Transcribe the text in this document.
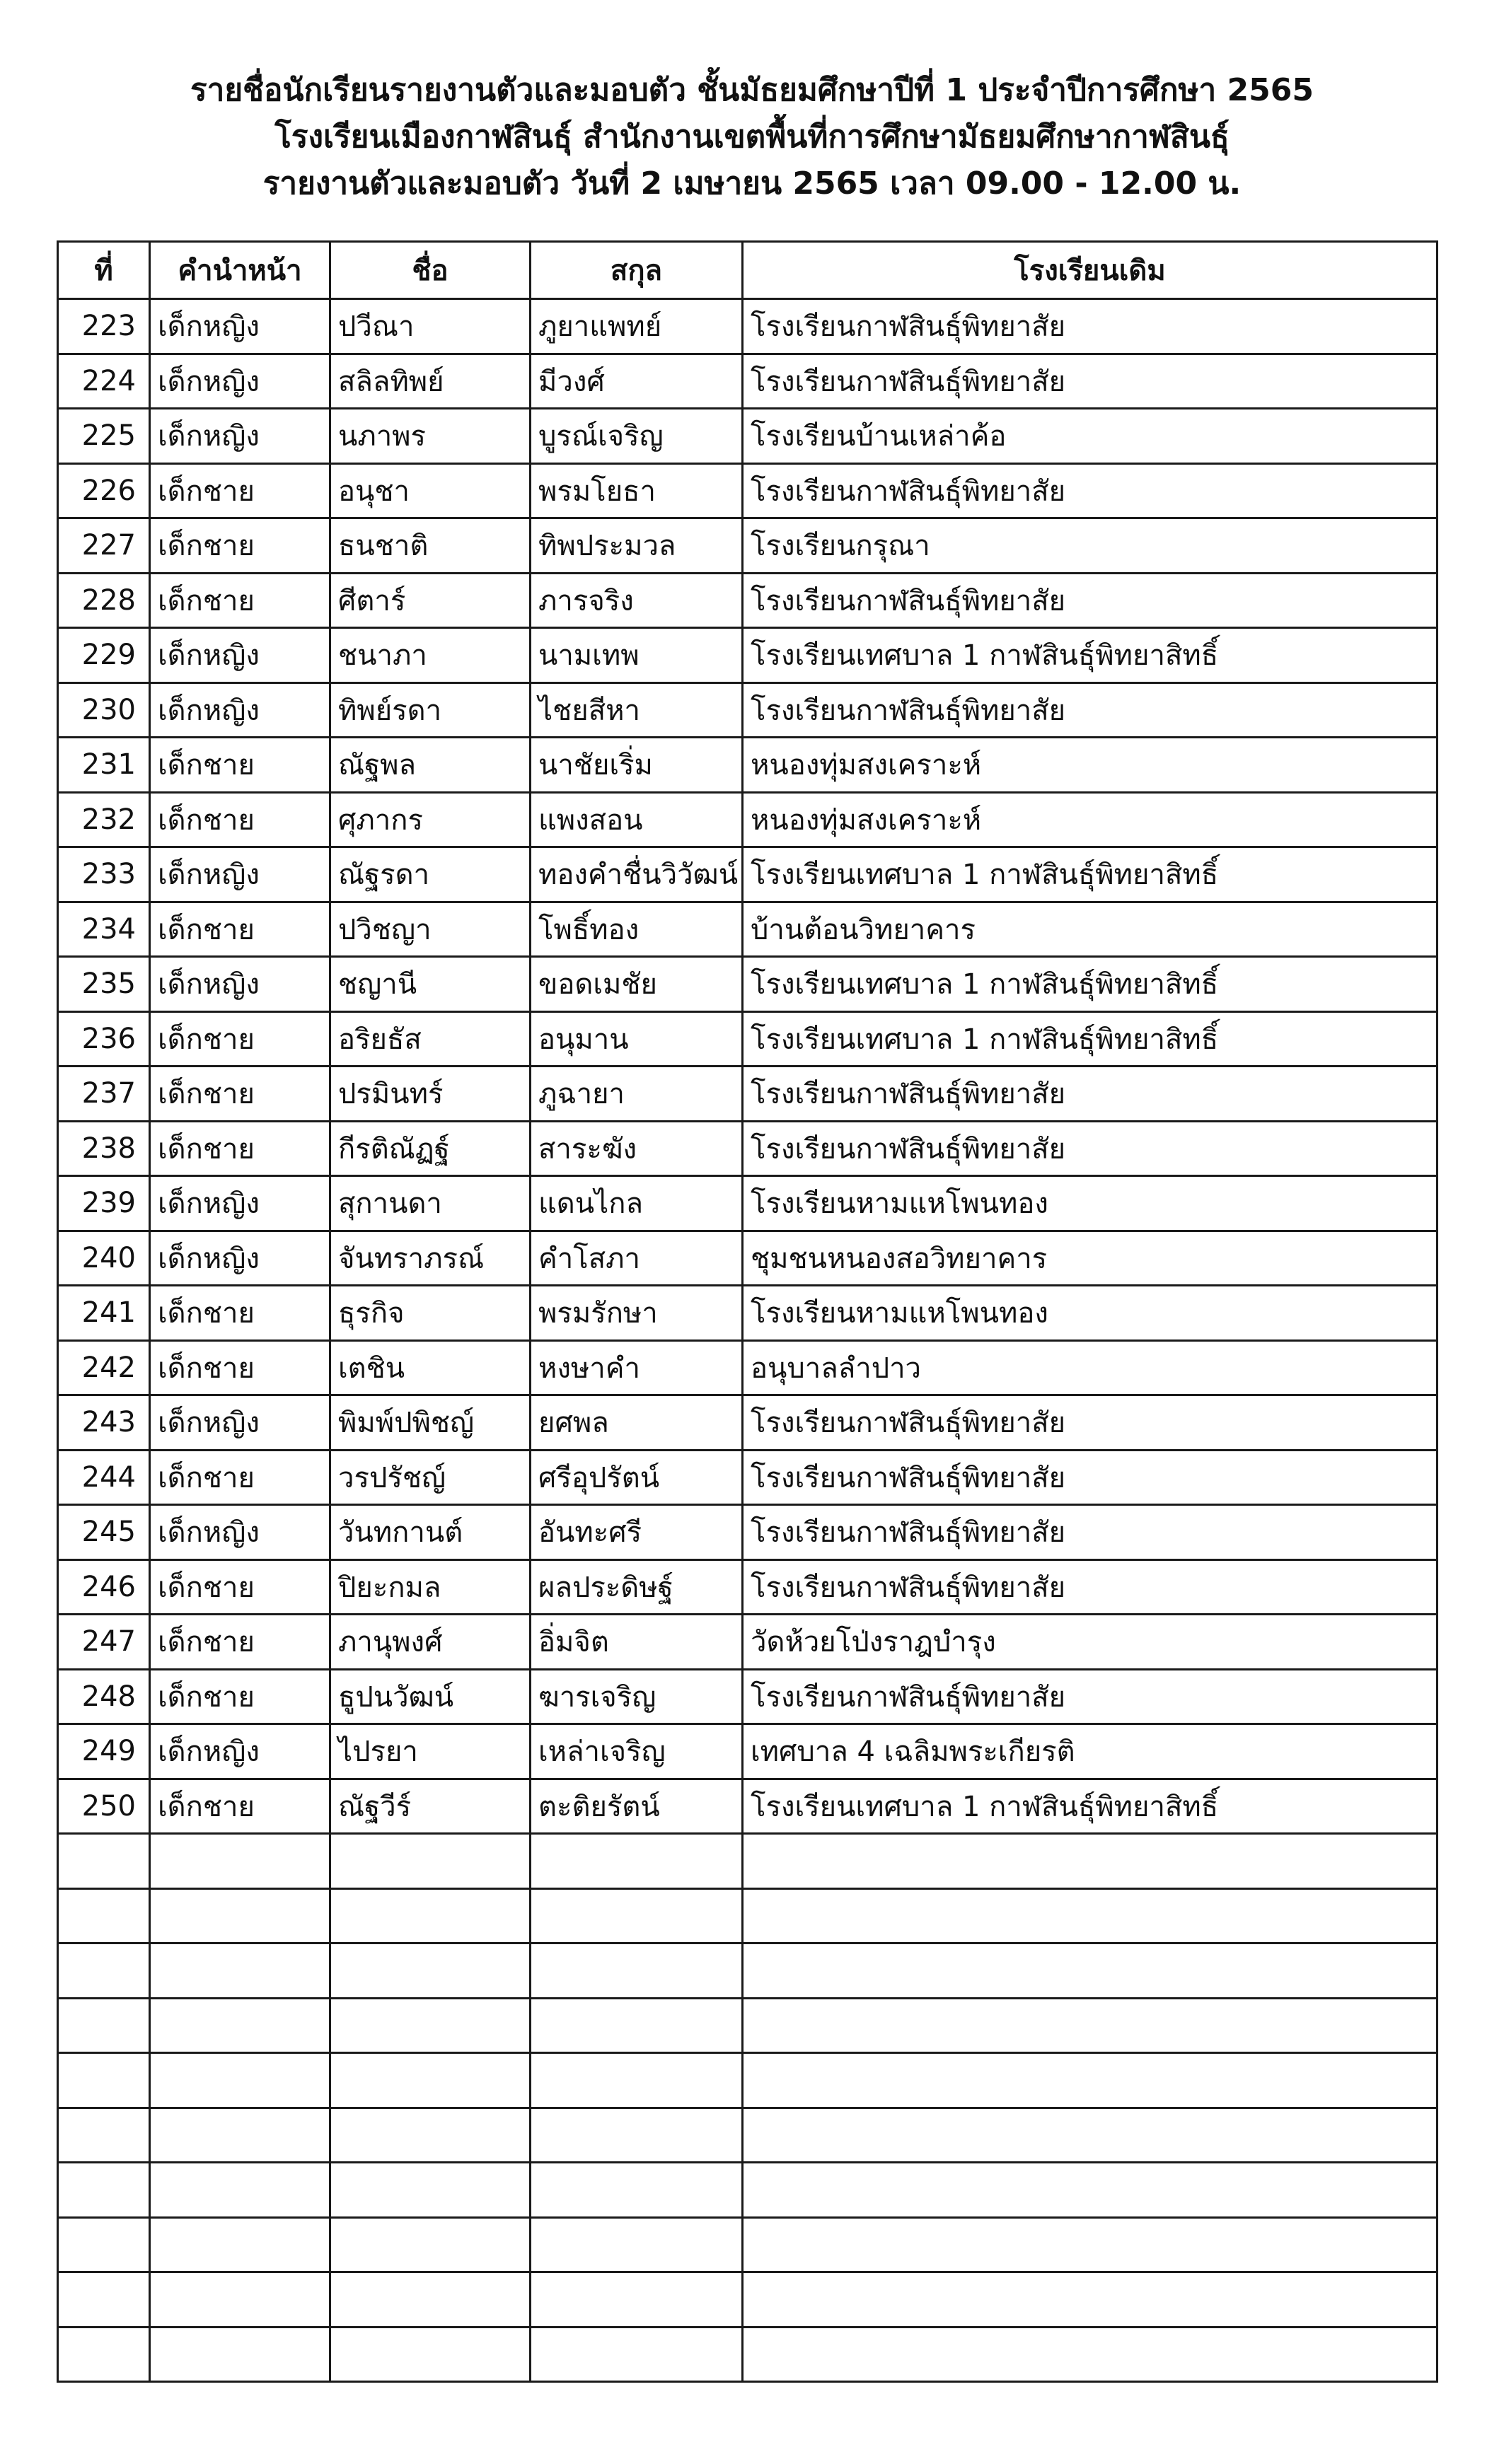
รายชื่อนักเรียนรายงานตัวและมอบตัว ชั้นมัธยมศึกษาปีที่ 1 ประจำปีการศึกษา 2565
โรงเรียนเมืองกาฬสินธุ์ สำนักงานเขตพื้นที่การศึกษามัธยมศึกษากาฬสินธุ์
รายงานตัวและมอบตัว วันที่ 2 เมษายน 2565 เวลา 09.00 - 12.00 น.
ที่	คำนำหน้า	ชื่อ	สกุล	โรงเรียนเดิม
223	เด็กหญิง	ปวีณา	ภูยาแพทย์	โรงเรียนกาฬสินธุ์พิทยาสัย
224	เด็กหญิง	สลิลทิพย์	มีวงศ์	โรงเรียนกาฬสินธุ์พิทยาสัย
225	เด็กหญิง	นภาพร	บูรณ์เจริญ	โรงเรียนบ้านเหล่าค้อ
226	เด็กชาย	อนุชา	พรมโยธา	โรงเรียนกาฬสินธุ์พิทยาสัย
227	เด็กชาย	ธนชาติ	ทิพประมวล	โรงเรียนกรุณา
228	เด็กชาย	ศีตาร์	ภารจริง	โรงเรียนกาฬสินธุ์พิทยาสัย
229	เด็กหญิง	ชนาภา	นามเทพ	โรงเรียนเทศบาล 1 กาฬสินธุ์พิทยาสิทธิ์
230	เด็กหญิง	ทิพย์รดา	ไชยสีหา	โรงเรียนกาฬสินธุ์พิทยาสัย
231	เด็กชาย	ณัฐพล	นาชัยเริ่ม	หนองทุ่มสงเคราะห์
232	เด็กชาย	ศุภากร	แพงสอน	หนองทุ่มสงเคราะห์
233	เด็กหญิง	ณัฐรดา	ทองคำชื่นวิวัฒน์	โรงเรียนเทศบาล 1 กาฬสินธุ์พิทยาสิทธิ์
234	เด็กชาย	ปวิชญา	โพธิ์ทอง	บ้านต้อนวิทยาคาร
235	เด็กหญิง	ชญานี	ขอดเมชัย	โรงเรียนเทศบาล 1 กาฬสินธุ์พิทยาสิทธิ์
236	เด็กชาย	อริยธัส	อนุมาน	โรงเรียนเทศบาล 1 กาฬสินธุ์พิทยาสิทธิ์
237	เด็กชาย	ปรมินทร์	ภูฉายา	โรงเรียนกาฬสินธุ์พิทยาสัย
238	เด็กชาย	กีรติณัฏฐ์	สาระฆัง	โรงเรียนกาฬสินธุ์พิทยาสัย
239	เด็กหญิง	สุกานดา	แดนไกล	โรงเรียนหามแหโพนทอง
240	เด็กหญิง	จันทราภรณ์	คำโสภา	ชุมชนหนองสอวิทยาคาร
241	เด็กชาย	ธุรกิจ	พรมรักษา	โรงเรียนหามแหโพนทอง
242	เด็กชาย	เตชิน	หงษาคำ	อนุบาลลำปาว
243	เด็กหญิง	พิมพ์ปพิชญ์	ยศพล	โรงเรียนกาฬสินธุ์พิทยาสัย
244	เด็กชาย	วรปรัชญ์	ศรีอุปรัตน์	โรงเรียนกาฬสินธุ์พิทยาสัย
245	เด็กหญิง	วันทกานต์	อันทะศรี	โรงเรียนกาฬสินธุ์พิทยาสัย
246	เด็กชาย	ปิยะกมล	ผลประดิษฐ์	โรงเรียนกาฬสินธุ์พิทยาสัย
247	เด็กชาย	ภานุพงศ์	อิ่มจิต	วัดห้วยโป่งราฎบำรุง
248	เด็กชาย	ธูปนวัฒน์	ฆารเจริญ	โรงเรียนกาฬสินธุ์พิทยาสัย
249	เด็กหญิง	ไปรยา	เหล่าเจริญ	เทศบาล 4 เฉลิมพระเกียรติ
250	เด็กชาย	ณัฐวีร์	ตะติยรัตน์	โรงเรียนเทศบาล 1 กาฬสินธุ์พิทยาสิทธิ์
